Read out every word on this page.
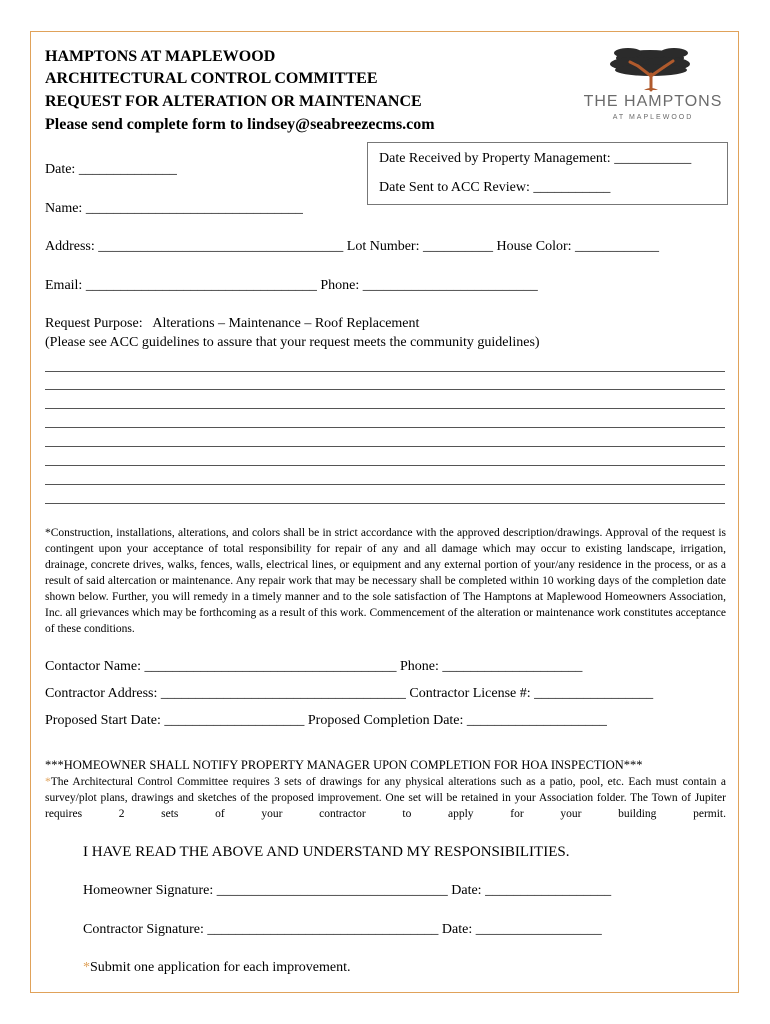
HAMPTONS AT MAPLEWOOD
ARCHITECTURAL CONTROL COMMITTEE
REQUEST FOR ALTERATION OR MAINTENANCE
Please send complete form to lindsey@seabreezecms.com
THE HAMPTONS
AT MAPLEWOOD
Date Received by Property Management: ___________
Date Sent to ACC Review: ___________
Date: ______________
Name: _______________________________
Address: ___________________________________ Lot Number: __________ House Color: ____________
Email: _________________________________ Phone: _________________________
Request Purpose:   Alterations – Maintenance – Roof Replacement
(Please see ACC guidelines to assure that your request meets the community guidelines)
*Construction, installations, alterations, and colors shall be in strict accordance with the approved description/drawings. Approval of the request is contingent upon your acceptance of total responsibility for repair of any and all damage which may occur to existing landscape, irrigation, drainage, concrete drives, walks, fences, walls, electrical lines, or equipment and any external portion of your/any residence in the process, or as a result of said altercation or maintenance. Any repair work that may be necessary shall be completed within 10 working days of the completion date shown below. Further, you will remedy in a timely manner and to the sole satisfaction of The Hamptons at Maplewood Homeowners Association, Inc. all grievances which may be forthcoming as a result of this work. Commencement of the alteration or maintenance work constitutes acceptance of these conditions.
Contactor Name: ____________________________________ Phone: ____________________
Contractor Address: ___________________________________ Contractor License #: _________________
Proposed Start Date: ____________________ Proposed Completion Date: ____________________
***HOMEOWNER SHALL NOTIFY PROPERTY MANAGER UPON COMPLETION FOR HOA INSPECTION***
*The Architectural Control Committee requires 3 sets of drawings for any physical alterations such as a patio, pool, etc. Each must contain a survey/plot plans, drawings and sketches of the proposed improvement. One set will be retained in your Association folder. The Town of Jupiter requires 2 sets of your contractor to apply for your building permit.
I HAVE READ THE ABOVE AND UNDERSTAND MY RESPONSIBILITIES.
Homeowner Signature: _________________________________ Date: __________________
Contractor Signature: _________________________________ Date: __________________
*Submit one application for each improvement.
